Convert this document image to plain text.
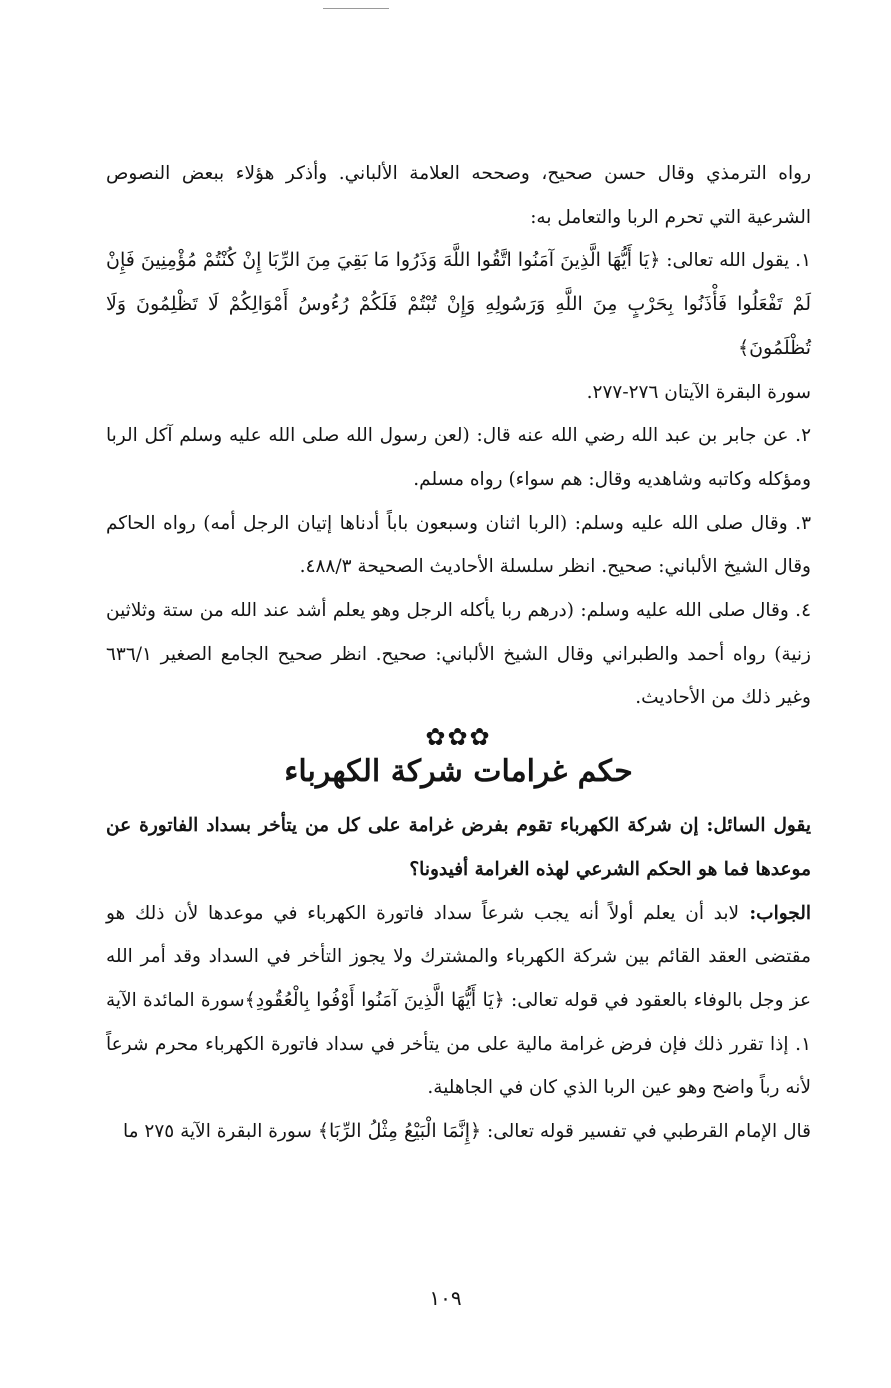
رواه الترمذي وقال حسن صحيح، وصححه العلامة الألباني. وأذكر هؤلاء ببعض النصوص الشرعية التي تحرم الربا والتعامل به:

١. يقول الله تعالى: ﴿يَا أَيُّهَا الَّذِينَ آمَنُوا اتَّقُوا اللَّهَ وَذَرُوا مَا بَقِيَ مِنَ الرِّبَا إِنْ كُنْتُمْ مُؤْمِنِينَ فَإِنْ لَمْ تَفْعَلُوا فَأْذَنُوا بِحَرْبٍ مِنَ اللَّهِ وَرَسُولِهِ وَإِنْ تُبْتُمْ فَلَكُمْ رُءُوسُ أَمْوَالِكُمْ لَا تَظْلِمُونَ وَلَا تُظْلَمُونَ﴾

سورة البقرة الآيتان ٢٧٦-٢٧٧.

٢. عن جابر بن عبد الله رضي الله عنه قال: (لعن رسول الله صلى الله عليه وسلم آكل الربا ومؤكله وكاتبه وشاهديه وقال: هم سواء) رواه مسلم.

٣. وقال صلى الله عليه وسلم: (الربا اثنان وسبعون باباً أدناها إتيان الرجل أمه) رواه الحاكم وقال الشيخ الألباني: صحيح. انظر سلسلة الأحاديث الصحيحة ٤٨٨/٣.

٤. وقال صلى الله عليه وسلم: (درهم ربا يأكله الرجل وهو يعلم أشد عند الله من ستة وثلاثين زنية) رواه أحمد والطبراني وقال الشيخ الألباني: صحيح. انظر صحيح الجامع الصغير ٦٣٦/١ وغير ذلك من الأحاديث.

✿✿✿
حكم غرامات شركة الكهرباء

يقول السائل: إن شركة الكهرباء تقوم بفرض غرامة على كل من يتأخر بسداد الفاتورة عن موعدها فما هو الحكم الشرعي لهذه الغرامة أفيدونا؟

الجواب: لابد أن يعلم أولاً أنه يجب شرعاً سداد فاتورة الكهرباء في موعدها لأن ذلك هو مقتضى العقد القائم بين شركة الكهرباء والمشترك ولا يجوز التأخر في السداد وقد أمر الله عز وجل بالوفاء بالعقود في قوله تعالى: ﴿يَا أَيُّهَا الَّذِينَ آمَنُوا أَوْفُوا بِالْعُقُودِ﴾سورة المائدة الآية ١. إذا تقرر ذلك فإن فرض غرامة مالية على من يتأخر في سداد فاتورة الكهرباء محرم شرعاً لأنه رباً واضح وهو عين الربا الذي كان في الجاهلية.

قال الإمام القرطبي في تفسير قوله تعالى: ﴿إِنَّمَا الْبَيْعُ مِثْلُ الرِّبَا﴾ سورة البقرة الآية ٢٧٥ ما

١٠٩
